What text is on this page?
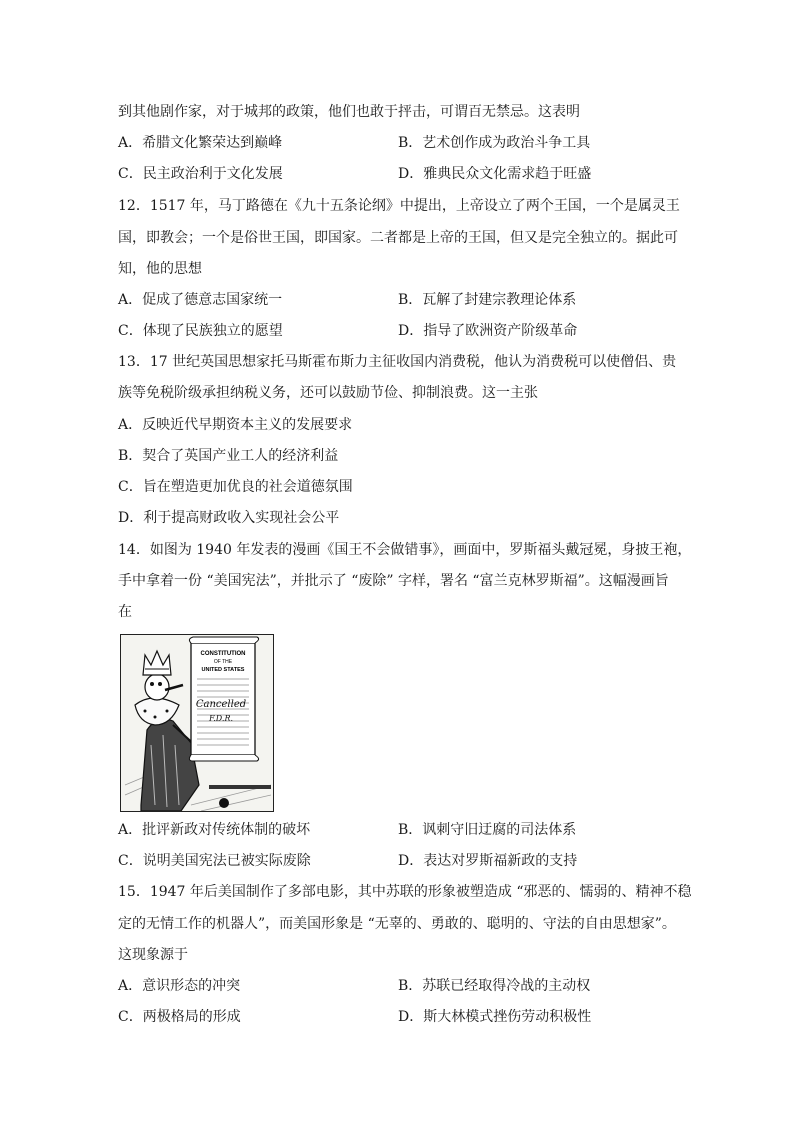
到其他剧作家，对于城邦的政策，他们也敢于抨击，可谓百无禁忌。这表明
A．希腊文化繁荣达到巅峰	B．艺术创作成为政治斗争工具
C．民主政治利于文化发展	D．雅典民众文化需求趋于旺盛
12．1517 年，马丁路德在《九十五条论纲》中提出，上帝设立了两个王国，一个是属灵王
国，即教会；一个是俗世王国，即国家。二者都是上帝的王国，但又是完全独立的。据此可
知，他的思想
A．促成了德意志国家统一	B．瓦解了封建宗教理论体系
C．体现了民族独立的愿望	D．指导了欧洲资产阶级革命
13．17 世纪英国思想家托马斯霍布斯力主征收国内消费税，他认为消费税可以使僧侣、贵
族等免税阶级承担纳税义务，还可以鼓励节俭、抑制浪费。这一主张
A．反映近代早期资本主义的发展要求
B．契合了英国产业工人的经济利益
C．旨在塑造更加优良的社会道德氛围
D．利于提高财政收入实现社会公平
14．如图为 1940 年发表的漫画《国王不会做错事》，画面中，罗斯福头戴冠冕，身披王袍，
手中拿着一份 “美国宪法”，并批示了 “废除” 字样，署名 “富兰克林罗斯福”。这幅漫画旨
在
CONSTITUTION
OF THE
UNITED STATES
Cancelled
F.D.R.
A．批评新政对传统体制的破坏	B．讽刺守旧迂腐的司法体系
C．说明美国宪法已被实际废除	D．表达对罗斯福新政的支持
15．1947 年后美国制作了多部电影，其中苏联的形象被塑造成 “邪恶的、懦弱的、精神不稳
定的无情工作的机器人”，而美国形象是 “无辜的、勇敢的、聪明的、守法的自由思想家”。
这现象源于
A．意识形态的冲突	B．苏联已经取得冷战的主动权
C．两极格局的形成	D．斯大林模式挫伤劳动积极性
